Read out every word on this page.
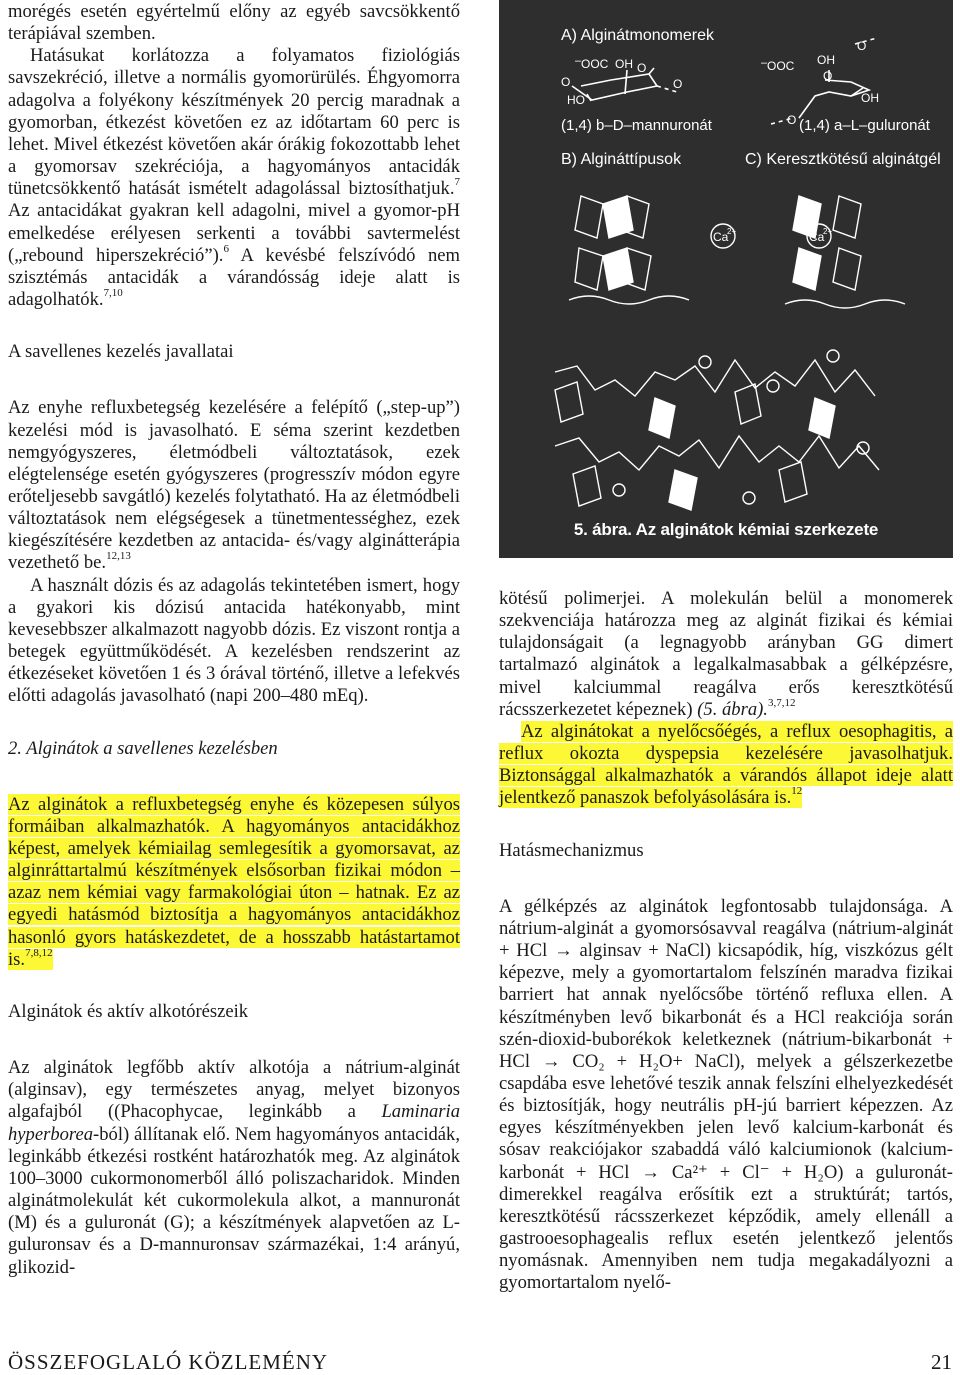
morégés esetén egyértelmű előny az egyéb savcsökkentő terápiával szemben.

Hatásukat korlátozza a folyamatos fiziológiás savszekréció, illetve a normális gyomorürülés. Éhgyomorra adagolva a folyékony készítmények 20 percig maradnak a gyomorban, étkezést követően ez az időtartam 60 perc is lehet. Mivel étkezést követően akár órákig fokozottabb lehet a gyomorsav szekréciója, a hagyományos antacidák tünetcsökkentő hatását ismételt adagolással biztosíthatjuk.$^7$ Az antacidákat gyakran kell adagolni, mivel a gyomor-pH emelkedése erélyesen serkenti a további savtermelést („rebound hiperszekréció”).$^6$ A kevésbé felszívódó nem szisztémás antacidák a várandósság ideje alatt is adagolhatók.$^{7,10}$

A savellenes kezelés javallatai

Az enyhe refluxbetegség kezelésére a felépítő („step-up”) kezelési mód is javasolható. E séma szerint kezdetben nemgyógyszeres, életmódbeli változtatások, ezek elégtelensége esetén gyógyszeres (progresszív módon egyre erőteljesebb savgátló) kezelés folytatható. Ha az életmódbeli változtatások nem elégségesek a tünetmentességhez, ezek kiegészítésére kezdetben az antacida- és/vagy alginátterápia vezethető be.$^{12,13}$

A használt dózis és az adagolás tekintetében ismert, hogy a gyakori kis dózisú antacida hatékonyabb, mint kevesebbszer alkalmazott nagyobb dózis. Ez viszont rontja a betegek együttműködését. A kezelésben rendszerint az étkezéseket követően 1 és 3 órával történő, illetve a lefekvés előtti adagolás javasolható (napi 200–480 mEq).

2. Alginátok a savellenes kezelésben

Az alginátok a refluxbetegség enyhe és közepesen súlyos formáiban alkalmazhatók. A hagyományos antacidákhoz képest, amelyek kémiailag semlegesítik a gyomorsavat, az alginráttartalmú készítmények elsősorban fizikai módon – azaz nem kémiai vagy farmakológiai úton – hatnak. Ez az egyedi hatásmód biztosítja a hagyományos antacidákhoz hasonló gyors hatáskezdetet, de a hosszabb hatástartamot is.$^{7,8,12}$

Alginátok és aktív alkotórészeik

Az alginátok legfőbb aktív alkotója a nátrium-alginát (alginsav), egy természetes anyag, melyet bizonyos algafajból ((Phacophycae, leginkább a Laminaria hyperborea-ból) állítanak elő. Nem hagyományos antacidák, leginkább étkezési rostként határozhatók meg. Az alginátok 100–3000 cukormonomerből álló poliszacharidok. Minden alginátmolekulát két cukormolekula alkot, a mannuronát (M) és a guluronát (G); a készítmények alapvetően az L-guluronsav és a D-mannuronsav származékai, 1:4 arányú, glikozid-

A) Alginátmonomerek
B) Algináttípusok	C) Keresztkötésű alginátgél
– OOC OH O
O	O
HO
(1,4) b–D–mannuronát
– OOC OH
O
O
OH
O (1,4) a–L–guluronát
Ca
2+	Ca
2+
5. ábra. Az alginátok kémiai szerkezete

kötésű polimerjei. A molekulán belül a monomerek szekvenciája határozza meg az alginát fizikai és kémiai tulajdonságait (a legnagyobb arányban GG dimert tartalmazó alginátok a legalkalmasabbak a gélképzésre, mivel kalciummal reagálva erős keresztkötésű rácsszerkezetet képeznek) (5. ábra).$^{3,7,12}$

Az alginátokat a nyelőcsőégés, a reflux oesophagitis, a reflux okozta dyspepsia kezelésére javasolhatjuk. Biztonsággal alkalmazhatók a várandós állapot ideje alatt jelentkező panaszok befolyásolására is.$^{12}$

Hatásmechanizmus

A gélképzés az alginátok legfontosabb tulajdonsága. A nátrium-alginát a gyomorsósavval reagálva (nátrium-alginát + HCl → alginsav + NaCl) kicsapódik, híg, viszkózus gélt képezve, mely a gyomortartalom felszínén maradva fizikai barriert hat annak nyelőcsőbe történő refluxa ellen. A készítményben levő bikarbonát és a HCl reakciója során szén-dioxid-buborékok keletkeznek (nátrium-bikarbonát + HCl → CO₂ + H₂O+ NaCl), melyek a gélszerkezetbe csapdába esve lehetővé teszik annak felszíni elhelyezkedését és biztosítják, hogy neutrális pH-jú barriert képezzen. Az egyes készítményekben jelen levő kalcium-karbonát és sósav reakciójakor szabaddá váló kalciumionok (kalcium-karbonát + HCl → Ca²⁺ + Cl⁻ + H₂O) a guluronát-dimerekkel reagálva erősítik ezt a struktúrát; tartós, keresztkötésű rácsszerkezet képződik, amely ellenáll a gastrooesophagealis reflux esetén jelentkező jelentős nyomásnak. Amennyiben nem tudja megakadályozni a gyomortartalom nyelő-

ÖSSZEFOGLALÓ KÖZLEMÉNY	21
